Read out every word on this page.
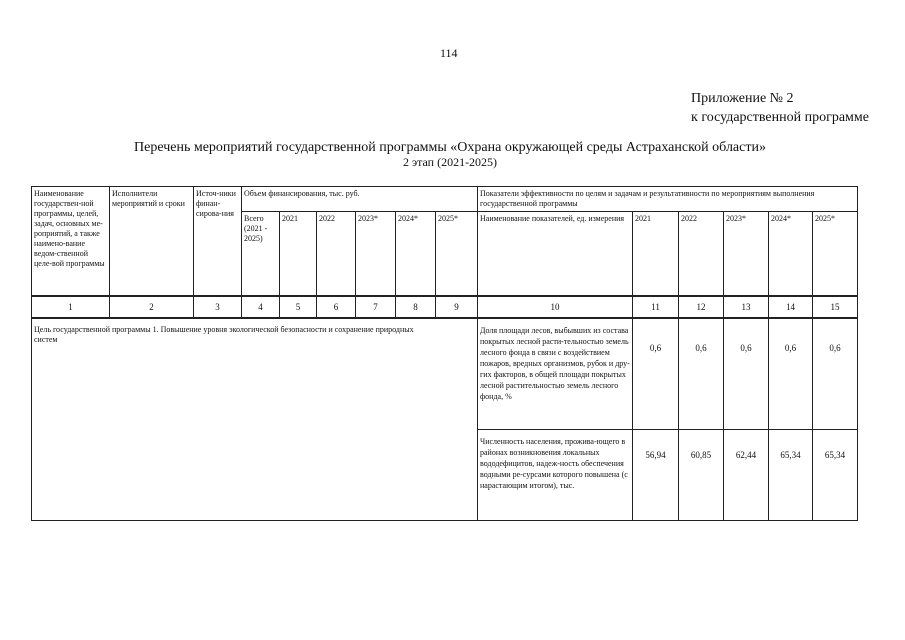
114
Приложение № 2
к государственной программе
Перечень мероприятий государственной программы «Охрана окружающей среды Астраханской области»
2 этап (2021-2025)
Наименование государствен-ной программы, целей, задач, основных ме-роприятий, а также наимено-вание ведом-ственной целе-вой программы	Исполнители мероприятий и сроки	Источ-ники финан-сирова-ния	Объем финансирования, тыс. руб.						Показатели эффективности по целям и задачам и результативности по мероприятиям выполнения государственной программы					
			Всего (2021 - 2025)	2021	2022	2023*	2024*	2025*	Наименование показателей, ед. измерения	2021	2022	2023*	2024*	2025*
1	2	3	4	5	6	7	8	9	10	11	12	13	14	15
Цель государственной программы 1. Повышение уровня экологической безопасности и сохранение природных систем									Доля площади лесов, выбывших из состава покрытых лесной расти-тельностью земель лесного фонда в связи с воздействием пожаров, вредных организмов, рубок и дру-гих факторов, в общей площади покрытых лесной растительностью земель лесного фонда, %	0,6	0,6	0,6	0,6	0,6
									Численность населения, прожива-ющего в районах возникновения локальных вододефицитов, надеж-ность обеспечения водными ре-сурсами которого повышена (с нарастающим итогом), тыс.	56,94	60,85	62,44	65,34	65,34
